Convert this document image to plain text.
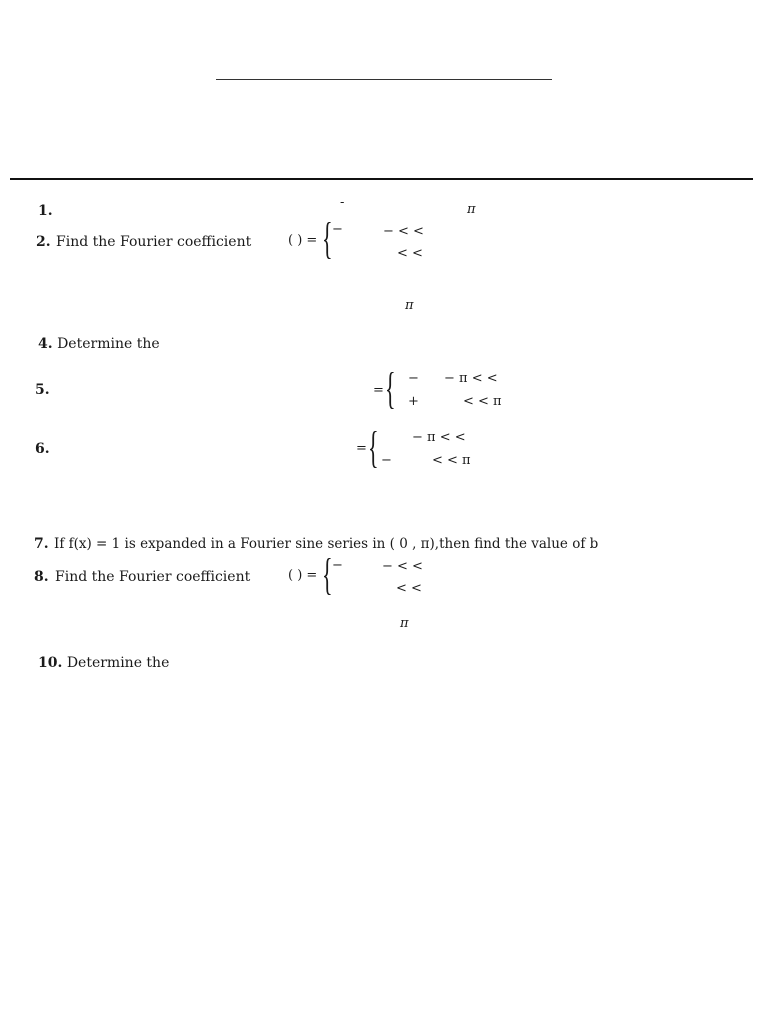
1.
-	π
2. Find the Fourier coefficient	( ) = { −	− < <
< <
π
4. Determine the
5.	= { − − π < <
+	< < π
6.	= {	− π < <
−	< < π
7. If f(x) = 1 is expanded in a Fourier sine series in ( 0 , π),then find the value of b
8. Find the Fourier coefficient	( ) = { −	− < <
< <
π
10. Determine the
